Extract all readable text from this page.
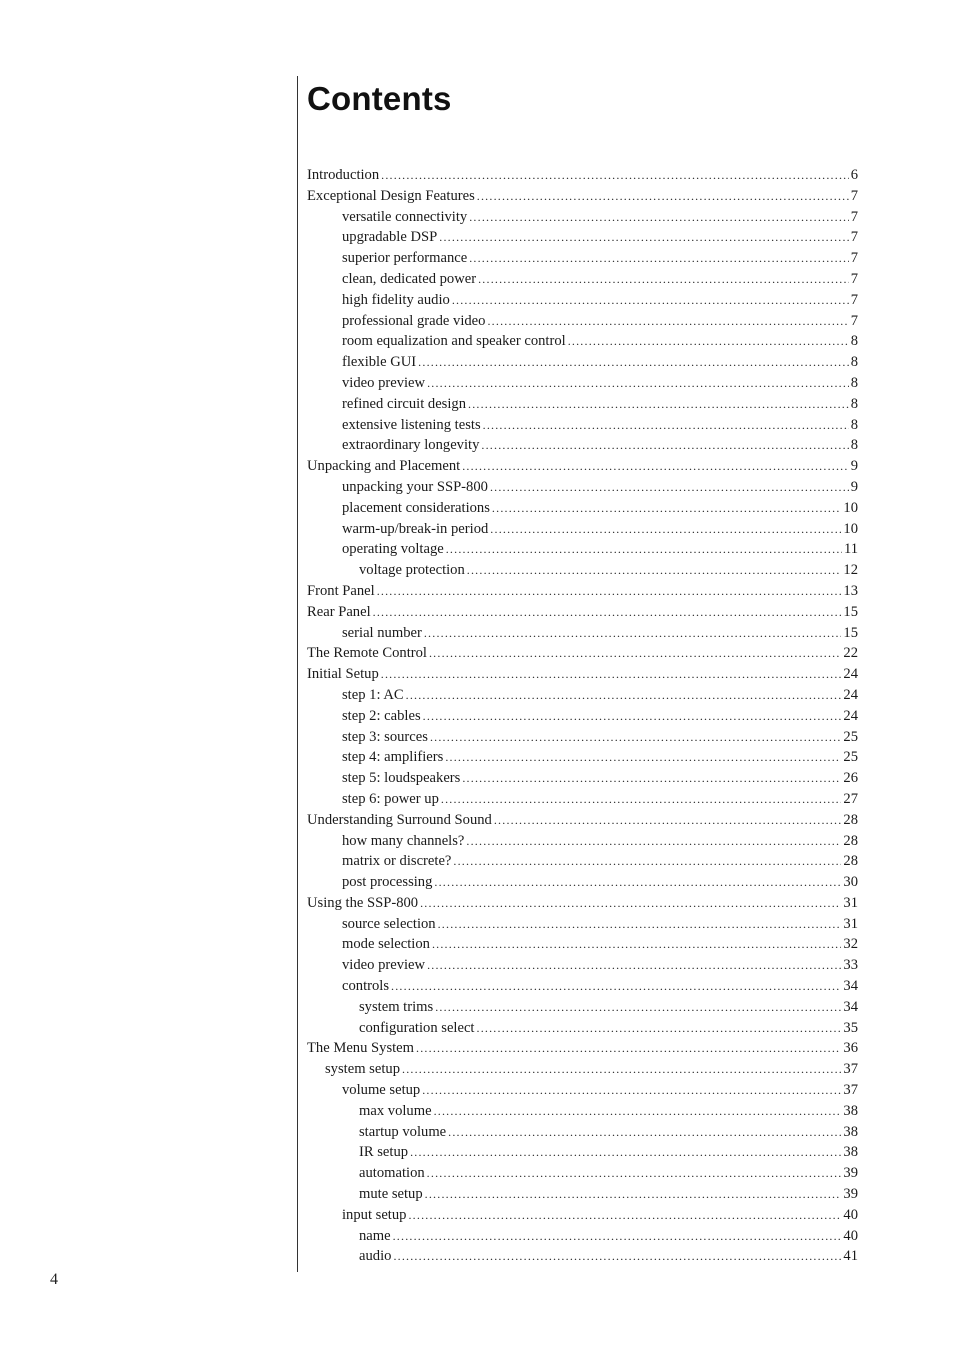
Contents
Introduction .....	6
Exceptional Design Features .....	7
versatile connectivity .....	7
upgradable DSP .....	7
superior performance .....	7
clean, dedicated power .....	7
high fidelity audio .....	7
professional grade video .....	7
room equalization and speaker control .....	8
flexible GUI .....	8
video preview .....	8
refined circuit design .....	8
extensive listening tests .....	8
extraordinary longevity .....	8
Unpacking and Placement .....	9
unpacking your SSP-800 .....	9
placement considerations .....	10
warm-up/break-in period .....	10
operating voltage .....	11
voltage protection .....	12
Front Panel .....	13
Rear Panel .....	15
serial number .....	15
The Remote Control .....	22
Initial Setup .....	24
step 1: AC .....	24
step 2: cables .....	24
step 3: sources .....	25
step 4: amplifiers .....	25
step 5: loudspeakers .....	26
step 6: power up .....	27
Understanding Surround Sound .....	28
how many channels? .....	28
matrix or discrete? .....	28
post processing .....	30
Using the SSP-800 .....	31
source selection .....	31
mode selection .....	32
video preview .....	33
controls .....	34
system trims .....	34
configuration select .....	35
The Menu System .....	36
system setup .....	37
volume setup .....	37
max volume .....	38
startup volume .....	38
IR setup .....	38
automation .....	39
mute setup .....	39
input setup .....	40
name .....	40
audio .....	41
4
